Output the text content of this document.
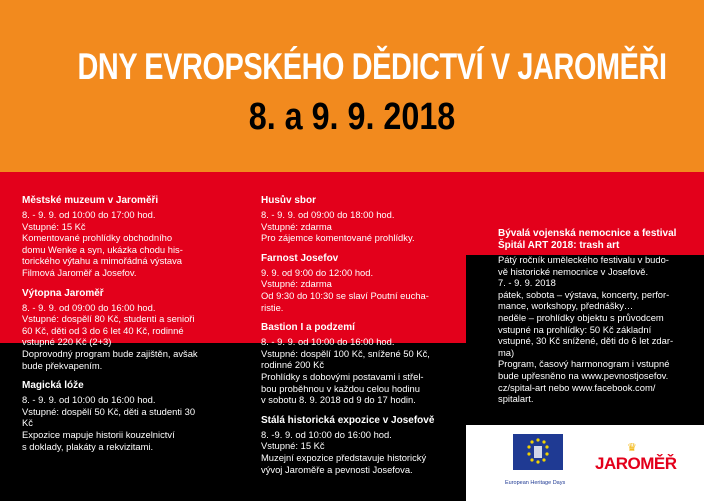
DNY EVROPSKÉHO DĚDICTVÍ V JAROMĚŘI
8. a 9. 9. 2018
Městské muzeum v Jaroměři
8. - 9. 9. od 10:00 do 17:00 hod.
Vstupné: 15 Kč
Komentované prohlídky obchodního
domu Wenke a syn, ukázka chodu his-
torického výtahu a mimořádná výstava
Filmová Jaroměř a Josefov.
Výtopna Jaroměř
8. - 9. 9. od 09:00 do 16:00 hod.
Vstupné: dospělí 80 Kč, studenti a senioři
60 Kč, děti od 3 do 6 let 40 Kč, rodinné
vstupné 220 Kč (2+3)
Doprovodný program bude zajištěn, avšak
bude překvapením.
Magická lóže
8. - 9. 9. od 10:00 do 16:00 hod.
Vstupné: dospělí 50 Kč, děti a studenti 30
Kč
Expozice mapuje historii kouzelnictví
s doklady, plakáty a rekvizitami.
Husův sbor
8. - 9. 9. od 09:00 do 18:00 hod.
Vstupné: zdarma
Pro zájemce komentované prohlídky.
Farnost Josefov
9. 9. od 9:00 do 12:00 hod.
Vstupné: zdarma
Od 9:30 do 10:30 se slaví Poutní eucha-
ristie.
Bastion I a podzemí
8. - 9. 9. od 10:00 do 16:00 hod.
Vstupné: dospělí 100 Kč, snížené 50 Kč,
rodinné 200 Kč
Prohlídky s dobovými postavami i střel-
bou proběhnou v každou celou hodinu
v sobotu 8. 9. 2018 od 9 do 17 hodin.
Stálá historická expozice v Josefově
8. -9. 9. od 10:00 do 16:00 hod.
Vstupné: 15 Kč
Muzejní expozice představuje historický
vývoj Jaroměře a pevnosti Josefova.
Bývalá vojenská nemocnice a festival
Špitál ART 2018: trash art
Pátý ročník uměleckého festivalu v budo-
vě historické nemocnice v Josefově.
7. - 9. 9. 2018
pátek, sobota – výstava, koncerty, perfor-
mance, workshopy, přednášky…
neděle – prohlídky objektu s průvodcem
vstupné na prohlídky: 50 Kč základní
vstupné, 30 Kč snížené, děti do 6 let zdar-
ma)
Program, časový harmonogram i vstupné
bude upřesněno na www.pevnostjosefov.
cz/spital-art nebo www.facebook.com/
spitalart.
European Heritage Days
♛
JAROMĚŘ
